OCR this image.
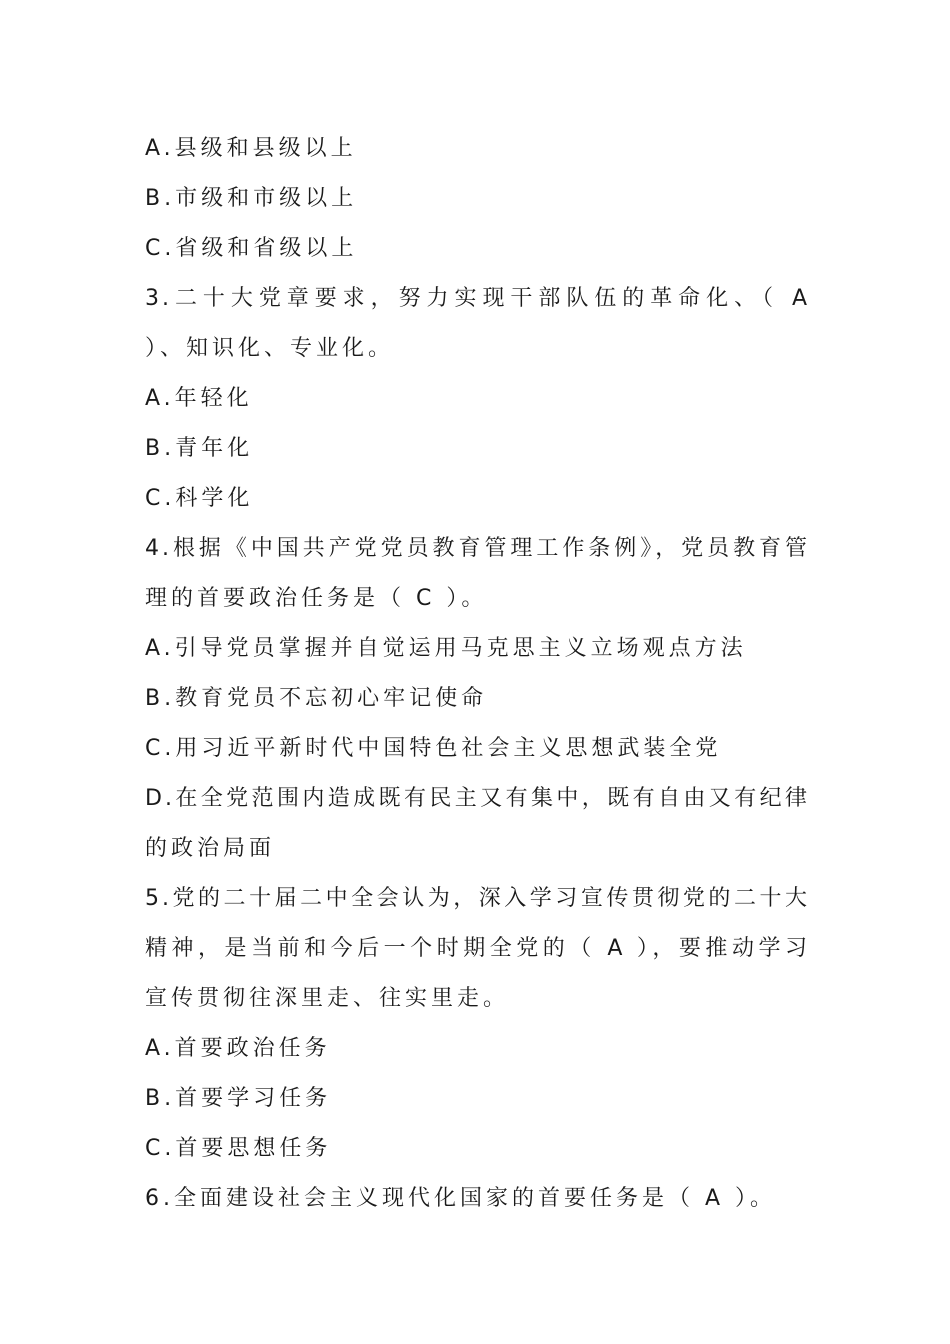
A.县级和县级以上
B.市级和市级以上
C.省级和省级以上
3.二十大党章要求，努力实现干部队伍的革命化、（ A
）、知识化、专业化。
A.年轻化
B.青年化
C.科学化
4.根据《中国共产党党员教育管理工作条例》，党员教育管
理的首要政治任务是（ C ）。
A.引导党员掌握并自觉运用马克思主义立场观点方法
B.教育党员不忘初心牢记使命
C.用习近平新时代中国特色社会主义思想武装全党
D.在全党范围内造成既有民主又有集中，既有自由又有纪律
的政治局面
5.党的二十届二中全会认为，深入学习宣传贯彻党的二十大
精神，是当前和今后一个时期全党的（ A ），要推动学习
宣传贯彻往深里走、往实里走。
A.首要政治任务
B.首要学习任务
C.首要思想任务
6.全面建设社会主义现代化国家的首要任务是（ A ）。
